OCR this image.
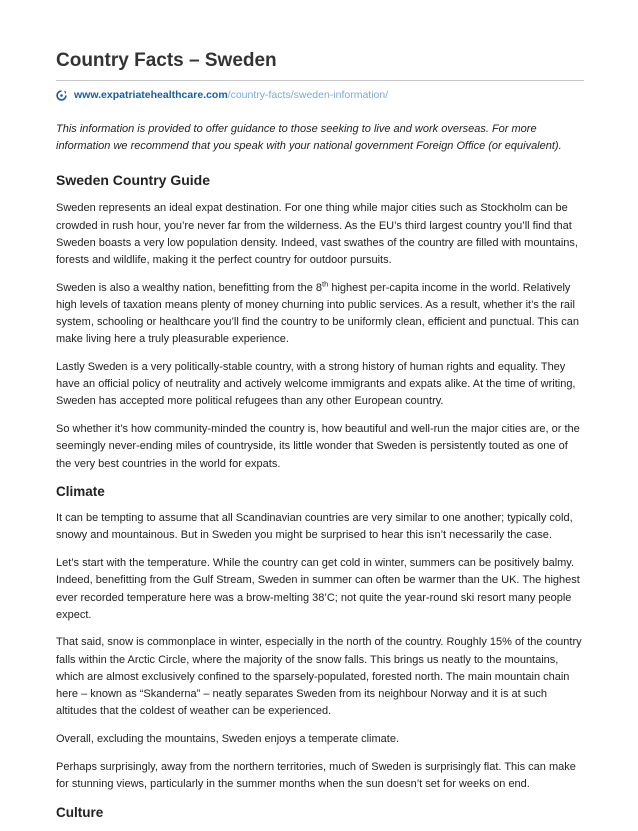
Country Facts – Sweden
www.expatriatehealthcare.com /country-facts/sweden-information/

This information is provided to offer guidance to those seeking to live and work overseas. For more information we recommend that you speak with your national government Foreign Office (or equivalent).

Sweden Country Guide

Sweden represents an ideal expat destination. For one thing while major cities such as Stockholm can be crowded in rush hour, you’re never far from the wilderness. As the EU’s third largest country you’ll find that Sweden boasts a very low population density. Indeed, vast swathes of the country are filled with mountains, forests and wildlife, making it the perfect country for outdoor pursuits.

Sweden is also a wealthy nation, benefitting from the 8th highest per-capita income in the world. Relatively high levels of taxation means plenty of money churning into public services. As a result, whether it’s the rail system, schooling or healthcare you’ll find the country to be uniformly clean, efficient and punctual. This can make living here a truly pleasurable experience.

Lastly Sweden is a very politically-stable country, with a strong history of human rights and equality. They have an official policy of neutrality and actively welcome immigrants and expats alike. At the time of writing, Sweden has accepted more political refugees than any other European country.

So whether it’s how community-minded the country is, how beautiful and well-run the major cities are, or the seemingly never-ending miles of countryside, its little wonder that Sweden is persistently touted as one of the very best countries in the world for expats.

Climate

It can be tempting to assume that all Scandinavian countries are very similar to one another; typically cold, snowy and mountainous. But in Sweden you might be surprised to hear this isn’t necessarily the case.

Let’s start with the temperature. While the country can get cold in winter, summers can be positively balmy. Indeed, benefitting from the Gulf Stream, Sweden in summer can often be warmer than the UK. The highest ever recorded temperature here was a brow-melting 38’C; not quite the year-round ski resort many people expect.

That said, snow is commonplace in winter, especially in the north of the country. Roughly 15% of the country falls within the Arctic Circle, where the majority of the snow falls. This brings us neatly to the mountains, which are almost exclusively confined to the sparsely-populated, forested north. The main mountain chain here – known as “Skanderna” – neatly separates Sweden from its neighbour Norway and it is at such altitudes that the coldest of weather can be experienced.

Overall, excluding the mountains, Sweden enjoys a temperate climate.

Perhaps surprisingly, away from the northern territories, much of Sweden is surprisingly flat. This can make for stunning views, particularly in the summer months when the sun doesn’t set for weeks on end.

Culture
